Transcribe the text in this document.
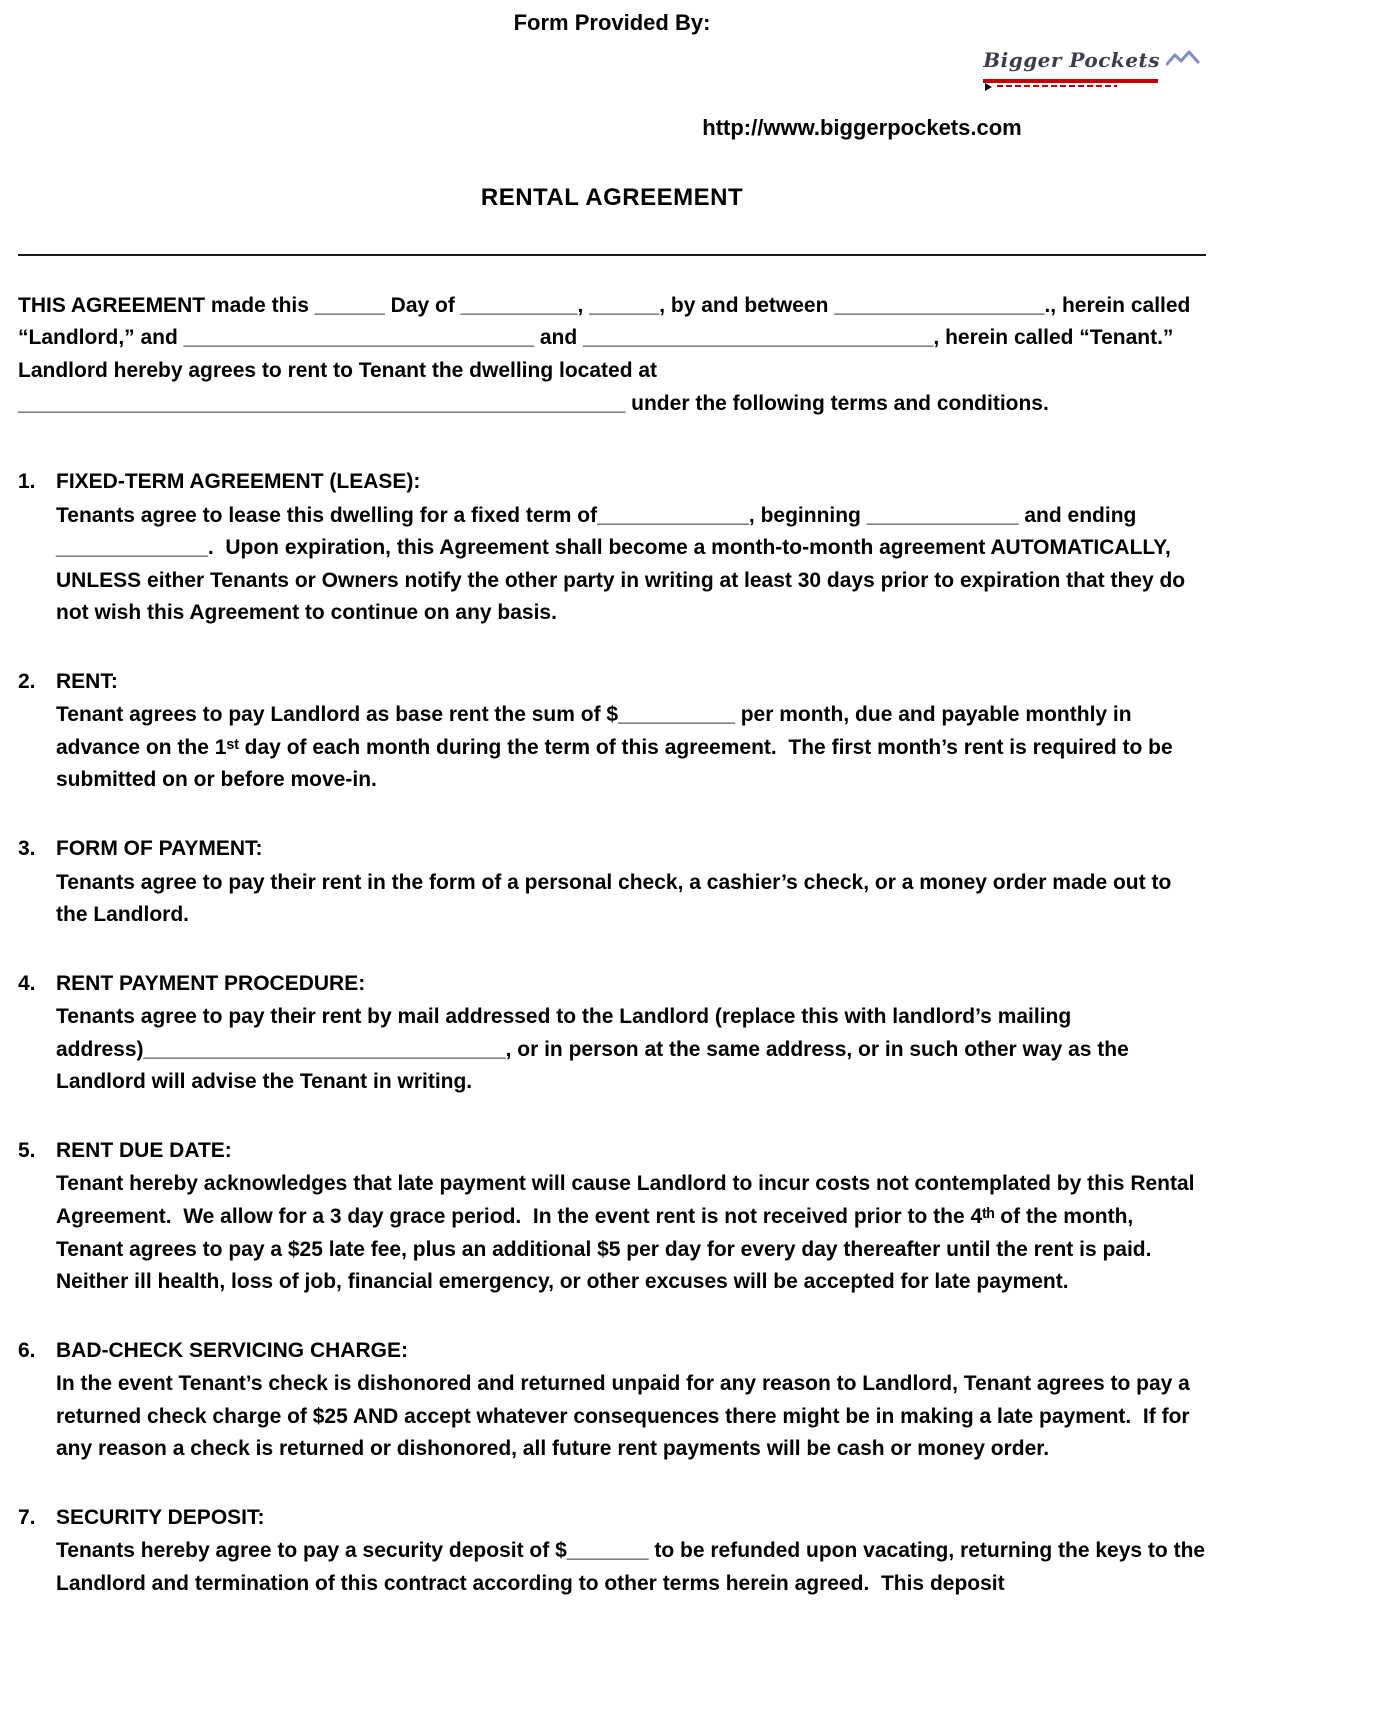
Form Provided By:
Bigger Pockets
http://www.biggerpockets.com
RENTAL AGREEMENT

THIS AGREEMENT made this ______ Day of __________, ______, by and between __________________., herein called “Landlord,” and ______________________________ and ______________________________, herein called “Tenant.”  Landlord hereby agrees to rent to Tenant the dwelling located at ____________________________________________________ under the following terms and conditions.

1. FIXED-TERM AGREEMENT (LEASE):
Tenants agree to lease this dwelling for a fixed term of_____________, beginning _____________ and ending _____________.  Upon expiration, this Agreement shall become a month-to-month agreement AUTOMATICALLY, UNLESS either Tenants or Owners notify the other party in writing at least 30 days prior to expiration that they do not wish this Agreement to continue on any basis.
2. RENT:
Tenant agrees to pay Landlord as base rent the sum of $__________ per month, due and payable monthly in advance on the 1ˢᵗ day of each month during the term of this agreement.  The first month’s rent is required to be submitted on or before move-in.
3. FORM OF PAYMENT:
Tenants agree to pay their rent in the form of a personal check, a cashier’s check, or a money order made out to the Landlord.
4. RENT PAYMENT PROCEDURE:
Tenants agree to pay their rent by mail addressed to the Landlord (replace this with landlord’s mailing address)_______________________________, or in person at the same address, or in such other way as the Landlord will advise the Tenant in writing.
5. RENT DUE DATE:
Tenant hereby acknowledges that late payment will cause Landlord to incur costs not contemplated by this Rental Agreement.  We allow for a 3 day grace period.  In the event rent is not received prior to the 4ᵗʰ of the month, Tenant agrees to pay a $25 late fee, plus an additional $5 per day for every day thereafter until the rent is paid.  Neither ill health, loss of job, financial emergency, or other excuses will be accepted for late payment.
6. BAD-CHECK SERVICING CHARGE:
In the event Tenant’s check is dishonored and returned unpaid for any reason to Landlord, Tenant agrees to pay a returned check charge of $25 AND accept whatever consequences there might be in making a late payment.  If for any reason a check is returned or dishonored, all future rent payments will be cash or money order.
7. SECURITY DEPOSIT:
Tenants hereby agree to pay a security deposit of $_______ to be refunded upon vacating, returning the keys to the Landlord and termination of this contract according to other terms herein agreed.  This deposit
